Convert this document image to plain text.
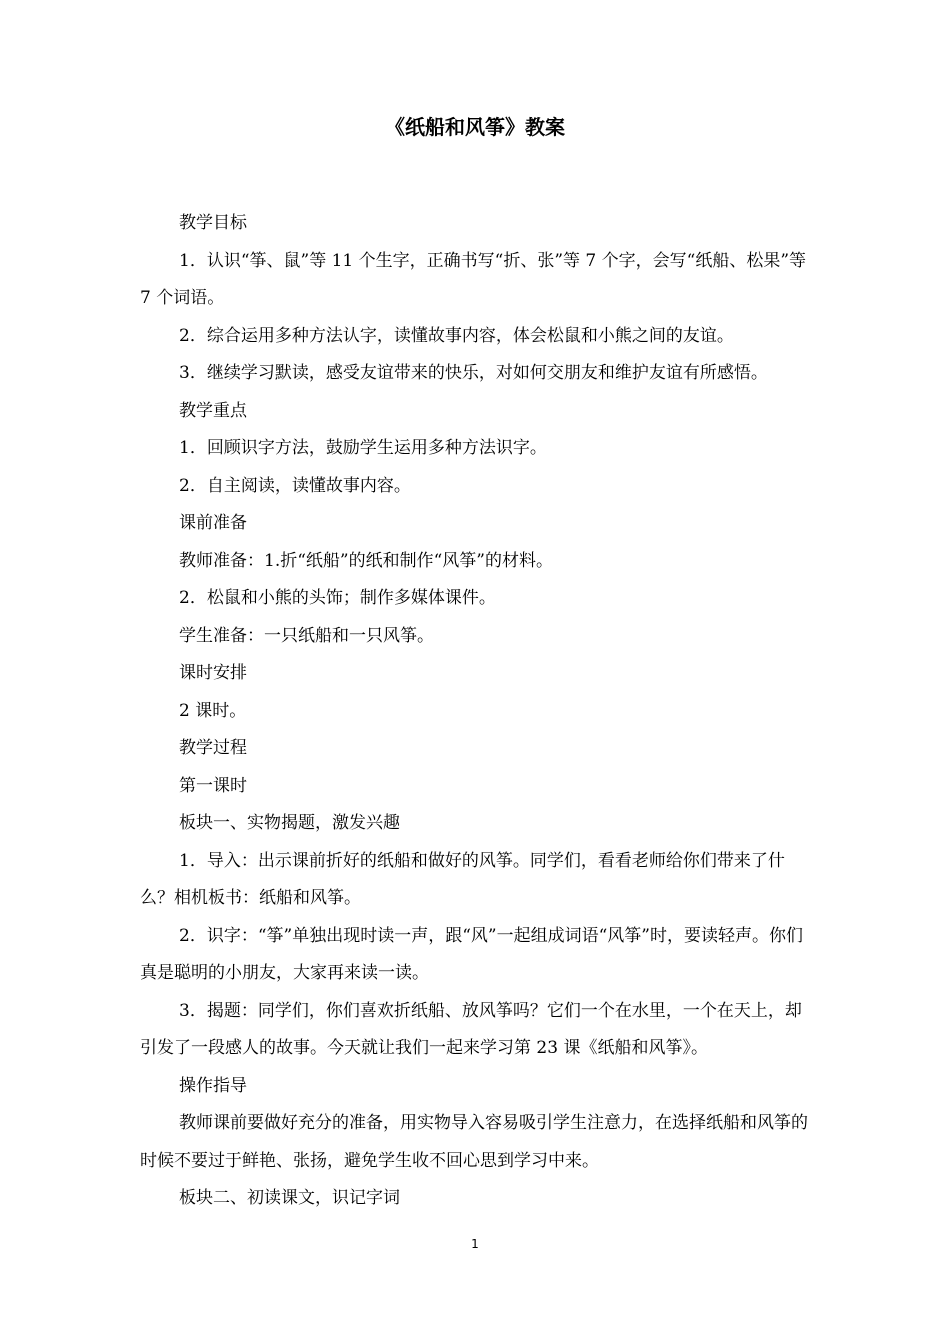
《纸船和风筝》教案

教学目标

1．认识“筝、鼠”等 11 个生字，正确书写“折、张”等 7 个字，会写“纸船、松果”等 7 个词语。

2．综合运用多种方法认字，读懂故事内容，体会松鼠和小熊之间的友谊。

3．继续学习默读，感受友谊带来的快乐，对如何交朋友和维护友谊有所感悟。

教学重点

1．回顾识字方法，鼓励学生运用多种方法识字。

2．自主阅读，读懂故事内容。

课前准备

教师准备：1.折“纸船”的纸和制作“风筝”的材料。

2．松鼠和小熊的头饰；制作多媒体课件。

学生准备：一只纸船和一只风筝。

课时安排

2 课时。

教学过程

第一课时

板块一、实物揭题，激发兴趣

1．导入：出示课前折好的纸船和做好的风筝。同学们，看看老师给你们带来了什么？相机板书：纸船和风筝。

2．识字：“筝”单独出现时读一声，跟“风”一起组成词语“风筝”时，要读轻声。你们真是聪明的小朋友，大家再来读一读。

3．揭题：同学们，你们喜欢折纸船、放风筝吗？它们一个在水里，一个在天上，却引发了一段感人的故事。今天就让我们一起来学习第 23 课《纸船和风筝》。

操作指导

教师课前要做好充分的准备，用实物导入容易吸引学生注意力，在选择纸船和风筝的时候不要过于鲜艳、张扬，避免学生收不回心思到学习中来。

板块二、初读课文，识记字词

1
